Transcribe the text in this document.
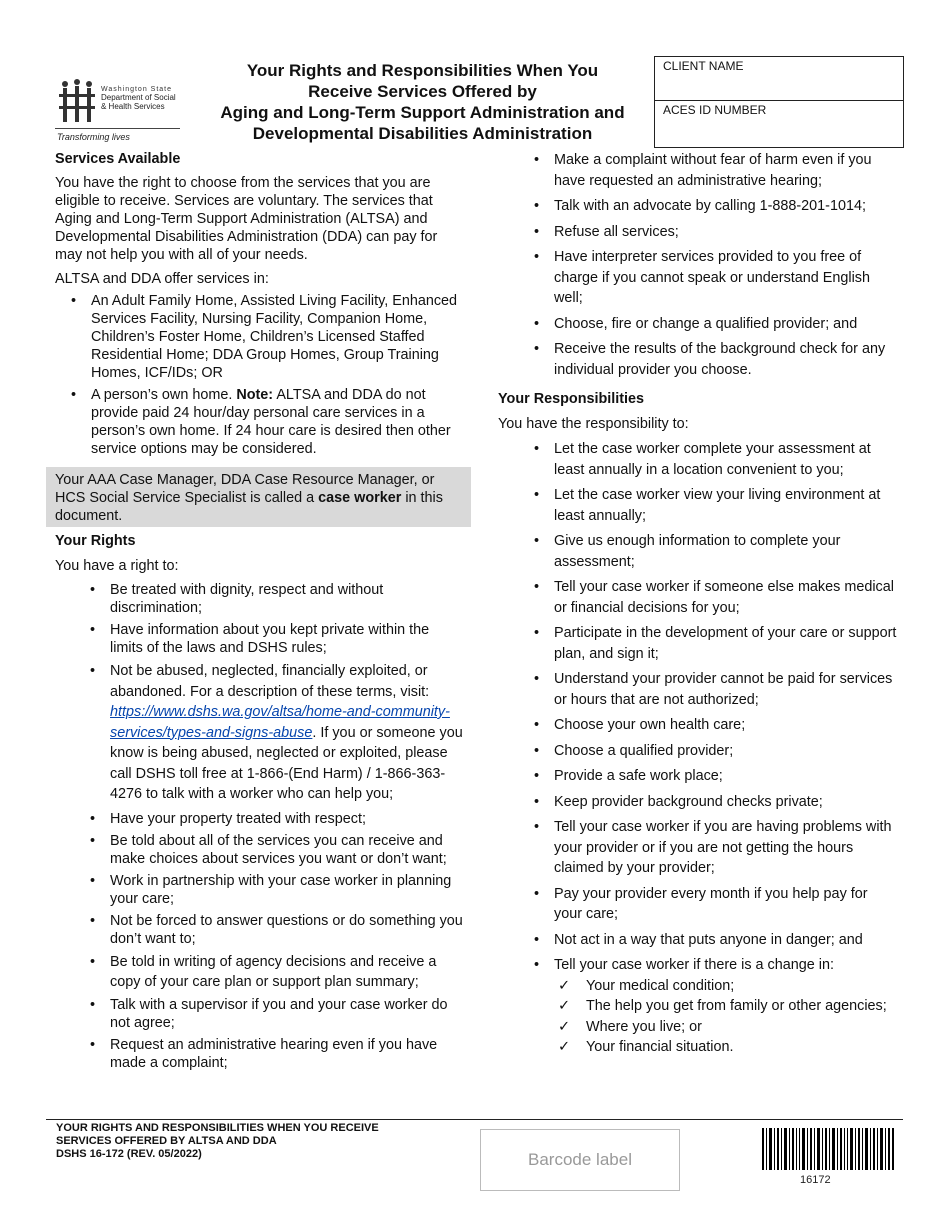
Washington State
Department of Social
& Health Services
Transforming lives
Your Rights and Responsibilities When You
Receive Services Offered by
Aging and Long-Term Support Administration and
Developmental Disabilities Administration
CLIENT NAME
ACES ID NUMBER
Services Available

You have the right to choose from the services that you are eligible to receive. Services are voluntary. The services that Aging and Long-Term Support Administration (ALTSA) and Developmental Disabilities Administration (DDA) can pay for may not help you with all of your needs.

ALTSA and DDA offer services in:

• An Adult Family Home, Assisted Living Facility, Enhanced Services Facility, Nursing Facility, Companion Home, Children’s Foster Home, Children’s Licensed Staffed Residential Home; DDA Group Homes, Group Training Homes, ICF/IDs; OR
• A person’s own home. Note: ALTSA and DDA do not provide paid 24 hour/day personal care services in a person’s own home. If 24 hour care is desired then other service options may be considered.
Your AAA Case Manager, DDA Case Resource Manager, or HCS Social Service Specialist is called a case worker in this document.
Your Rights

You have a right to:

• Be treated with dignity, respect and without discrimination;
• Have information about you kept private within the limits of the laws and DSHS rules;
• Not be abused, neglected, financially exploited, or abandoned. For a description of these terms, visit: https://www.dshs.wa.gov/altsa/home-and-community-services/types-and-signs-abuse. If you or someone you know is being abused, neglected or exploited, please call DSHS toll free at 1-866-(End Harm) / 1-866-363-4276 to talk with a worker who can help you;
• Have your property treated with respect;
• Be told about all of the services you can receive and make choices about services you want or don’t want;
• Work in partnership with your case worker in planning your care;
• Not be forced to answer questions or do something you don’t want to;
• Be told in writing of agency decisions and receive a copy of your care plan or support plan summary;
• Talk with a supervisor if you and your case worker do not agree;
• Request an administrative hearing even if you have made a complaint;
• Make a complaint without fear of harm even if you have requested an administrative hearing;
• Talk with an advocate by calling 1-888-201-1014;
• Refuse all services;
• Have interpreter services provided to you free of charge if you cannot speak or understand English well;
• Choose, fire or change a qualified provider; and
• Receive the results of the background check for any individual provider you choose.
Your Responsibilities

You have the responsibility to:

• Let the case worker complete your assessment at least annually in a location convenient to you;
• Let the case worker view your living environment at least annually;
• Give us enough information to complete your assessment;
• Tell your case worker if someone else makes medical or financial decisions for you;
• Participate in the development of your care or support plan, and sign it;
• Understand your provider cannot be paid for services or hours that are not authorized;
• Choose your own health care;
• Choose a qualified provider;
• Provide a safe work place;
• Keep provider background checks private;
• Tell your case worker if you are having problems with your provider or if you are not getting the hours claimed by your provider;
• Pay your provider every month if you help pay for your care;
• Not act in a way that puts anyone in danger; and
• Tell your case worker if there is a change in:
✓ Your medical condition;
✓ The help you get from family or other agencies;
✓ Where you live; or
✓ Your financial situation.
YOUR RIGHTS AND RESPONSIBILITIES WHEN YOU RECEIVE
SERVICES OFFERED BY ALTSA AND DDA
DSHS 16-172 (REV. 05/2022)	Barcode label
16172
